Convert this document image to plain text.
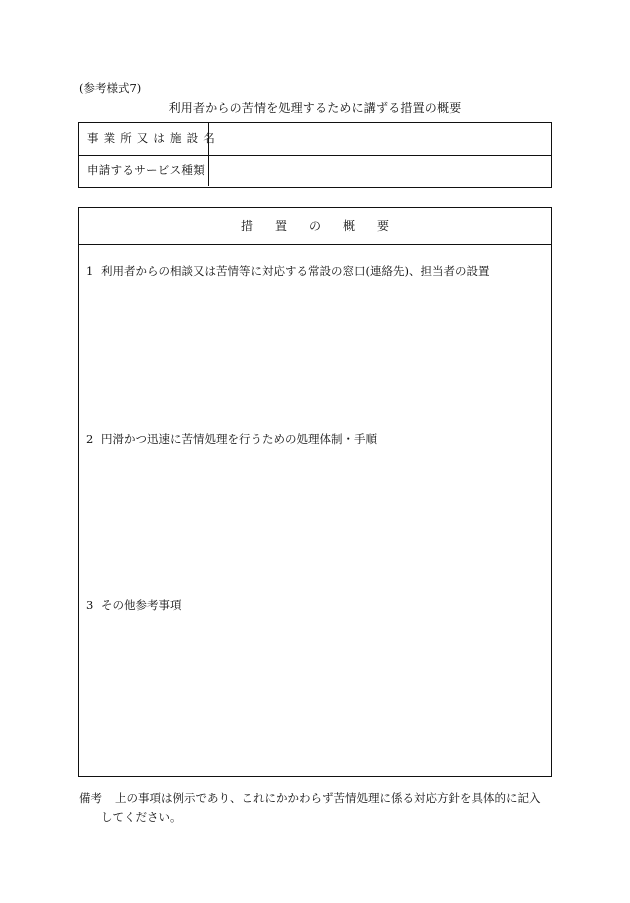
(参考様式7)
利用者からの苦情を処理するために講ずる措置の概要
事業所又は施設名
申請するサービス種類
措置の概要
1 利用者からの相談又は苦情等に対応する常設の窓口(連絡先)、担当者の設置
2 円滑かつ迅速に苦情処理を行うための処理体制・手順
3 その他参考事項
備考 上の事項は例示であり、これにかかわらず苦情処理に係る対応方針を具体的に記入
してください。
